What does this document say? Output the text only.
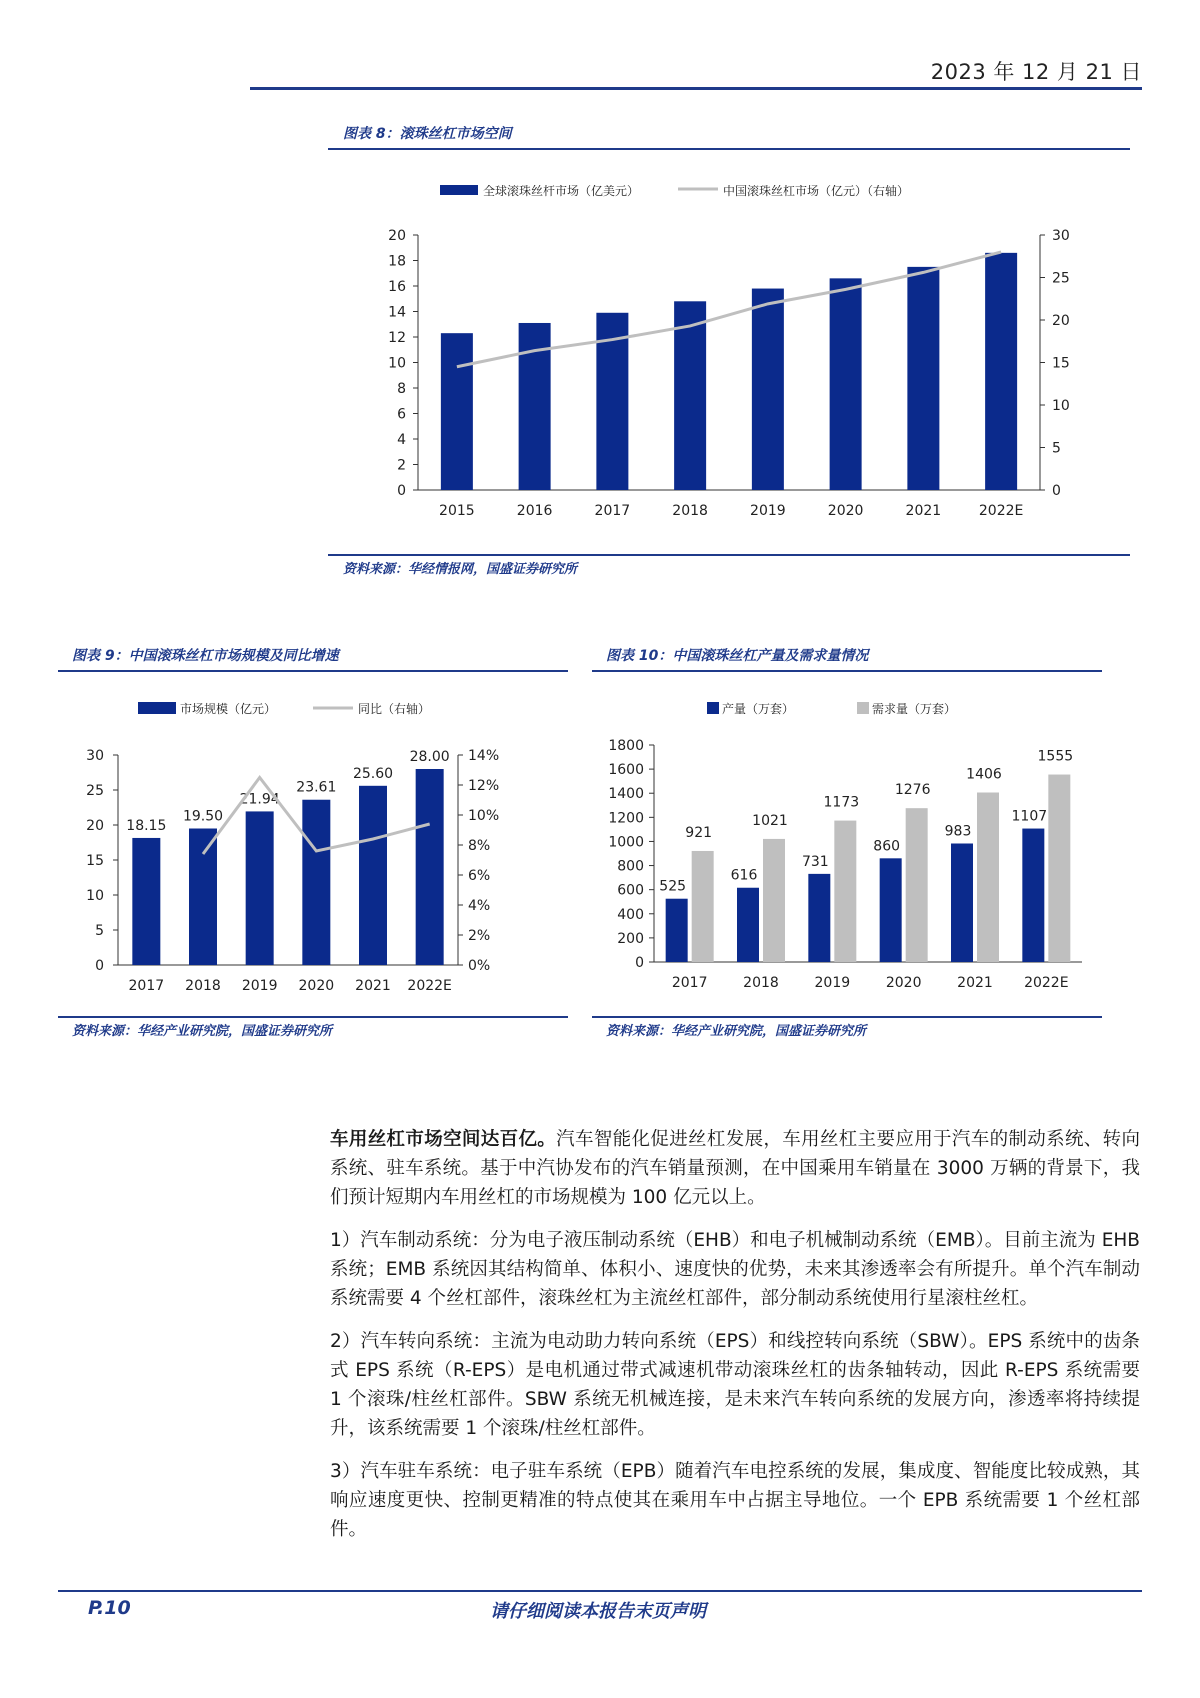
2023 年 12 月 21 日
图表 8：滚珠丝杠市场空间
全球滚珠丝杆市场（亿美元）	中国滚珠丝杠市场（亿元）（右轴）
0
2
4
6
8
10
12
14
16
18
20
0
5
10
15
20
25
30
2015	2016	2017	2018	2019	2020	2021	2022E
资料来源：华经情报网，国盛证券研究所
图表 9：中国滚珠丝杠市场规模及同比增速
市场规模（亿元）	同比（右轴）
0
5
10
15
20
25
30
0%
2%
4%
6%
8%
10%
12%
14%
18.15
2017
19.50
2018
21.94
2019
23.61
2020
25.60
2021
28.00
2022E
资料来源：华经产业研究院，国盛证券研究所
图表 10：中国滚珠丝杠产量及需求量情况
产量（万套）	需求量（万套）
0
200
400
600
800
1000
1200
1400
1600
1800
525
921
2017
616
1021
2018
731
1173
2019
860
1276
2020
983
1406
2021
1107
1555
2022E
资料来源：华经产业研究院，国盛证券研究所

车用丝杠市场空间达百亿。汽车智能化促进丝杠发展，车用丝杠主要应用于汽车的制动系统、转向系统、驻车系统。基于中汽协发布的汽车销量预测，在中国乘用车销量在 3000 万辆的背景下，我们预计短期内车用丝杠的市场规模为 100 亿元以上。

1）汽车制动系统：分为电子液压制动系统（EHB）和电子机械制动系统（EMB）。目前主流为 EHB 系统；EMB 系统因其结构简单、体积小、速度快的优势，未来其渗透率会有所提升。单个汽车制动系统需要 4 个丝杠部件，滚珠丝杠为主流丝杠部件，部分制动系统使用行星滚柱丝杠。

2）汽车转向系统：主流为电动助力转向系统（EPS）和线控转向系统（SBW）。EPS 系统中的齿条式 EPS 系统（R-EPS）是电机通过带式减速机带动滚珠丝杠的齿条轴转动，因此 R-EPS 系统需要 1 个滚珠/柱丝杠部件。SBW 系统无机械连接，是未来汽车转向系统的发展方向，渗透率将持续提升，该系统需要 1 个滚珠/柱丝杠部件。

3）汽车驻车系统：电子驻车系统（EPB）随着汽车电控系统的发展，集成度、智能度比较成熟，其响应速度更快、控制更精准的特点使其在乘用车中占据主导地位。一个 EPB 系统需要 1 个丝杠部件。

P.10	请仔细阅读本报告末页声明
